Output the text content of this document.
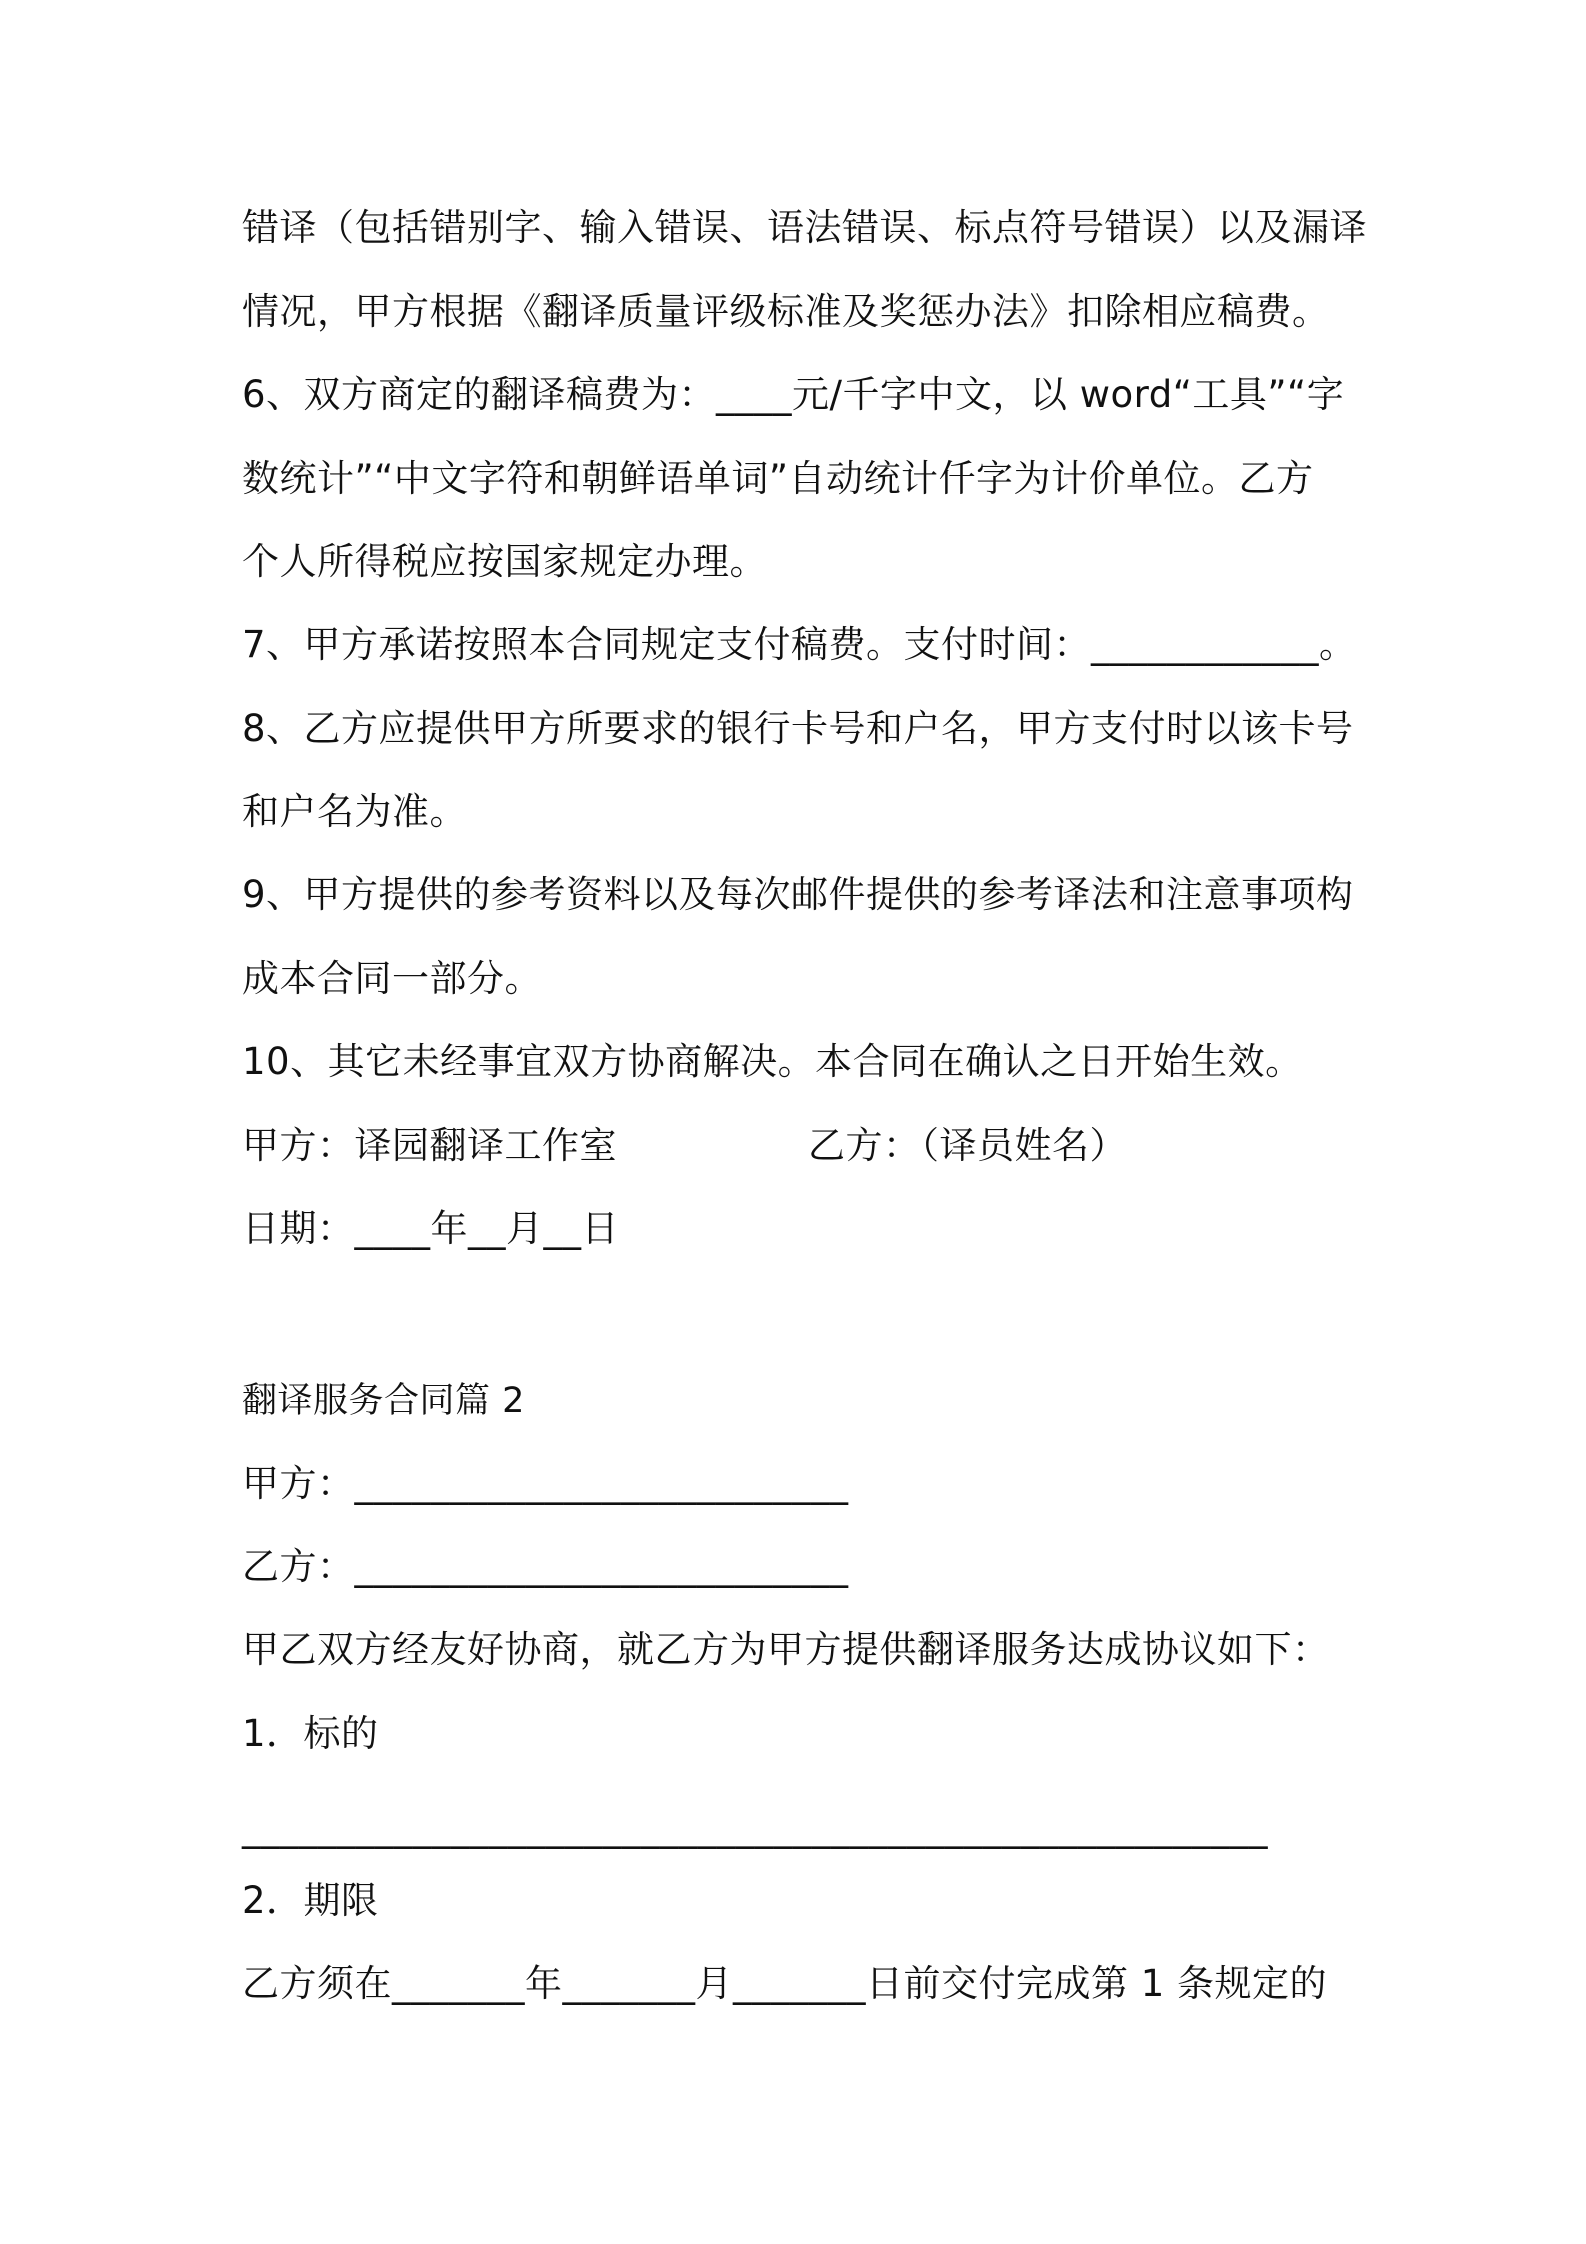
错译（包括错别字、输入错误、语法错误、标点符号错误）以及漏译
情况，甲方根据《翻译质量评级标准及奖惩办法》扣除相应稿费。
6、双方商定的翻译稿费为：____元/千字中文，以 word“工具”“字
数统计”“中文字符和朝鲜语单词”自动统计仟字为计价单位。乙方
个人所得税应按国家规定办理。
7、甲方承诺按照本合同规定支付稿费。支付时间：____________。
8、乙方应提供甲方所要求的银行卡号和户名，甲方支付时以该卡号
和户名为准。
9、甲方提供的参考资料以及每次邮件提供的参考译法和注意事项构
成本合同一部分。
10、其它未经事宜双方协商解决。本合同在确认之日开始生效。
甲方：译园翻译工作室	乙方：（译员姓名）
日期：____年__月__日
翻译服务合同篇 2
甲方：__________________________
乙方：__________________________
甲乙双方经友好协商，就乙方为甲方提供翻译服务达成协议如下：
1．标的
______________________________________________________
2．期限
乙方须在_______年_______月_______日前交付完成第 1 条规定的
